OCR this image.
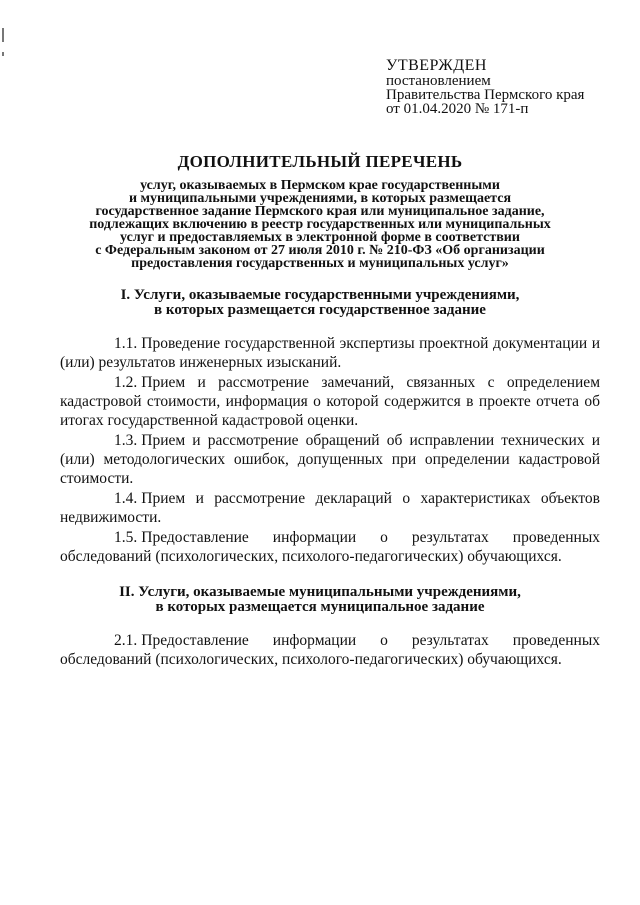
УТВЕРЖДЕН
постановлением
Правительства Пермского края
от 01.04.2020 № 171-п
ДОПОЛНИТЕЛЬНЫЙ ПЕРЕЧЕНЬ
услуг, оказываемых в Пермском крае государственными
и муниципальными учреждениями, в которых размещается
государственное задание Пермского края или муниципальное задание,
подлежащих включению в реестр государственных или муниципальных
услуг и предоставляемых в электронной форме в соответствии
с Федеральным законом от 27 июля 2010 г. № 210-ФЗ «Об организации
предоставления государственных и муниципальных услуг»
I. Услуги, оказываемые государственными учреждениями,
в которых размещается государственное задание

1.1. Проведение государственной экспертизы проектной документации и (или) результатов инженерных изысканий.

1.2. Прием и рассмотрение замечаний, связанных с определением кадастровой стоимости, информация о которой содержится в проекте отчета об итогах государственной кадастровой оценки.

1.3. Прием и рассмотрение обращений об исправлении технических и (или) методологических ошибок, допущенных при определении кадастровой стоимости.

1.4. Прием и рассмотрение деклараций о характеристиках объектов недвижимости.

1.5. Предоставление информации о результатах проведенных обследований (психологических, психолого-педагогических) обучающихся.

II. Услуги, оказываемые муниципальными учреждениями,
в которых размещается муниципальное задание

2.1. Предоставление информации о результатах проведенных обследований (психологических, психолого-педагогических) обучающихся.
